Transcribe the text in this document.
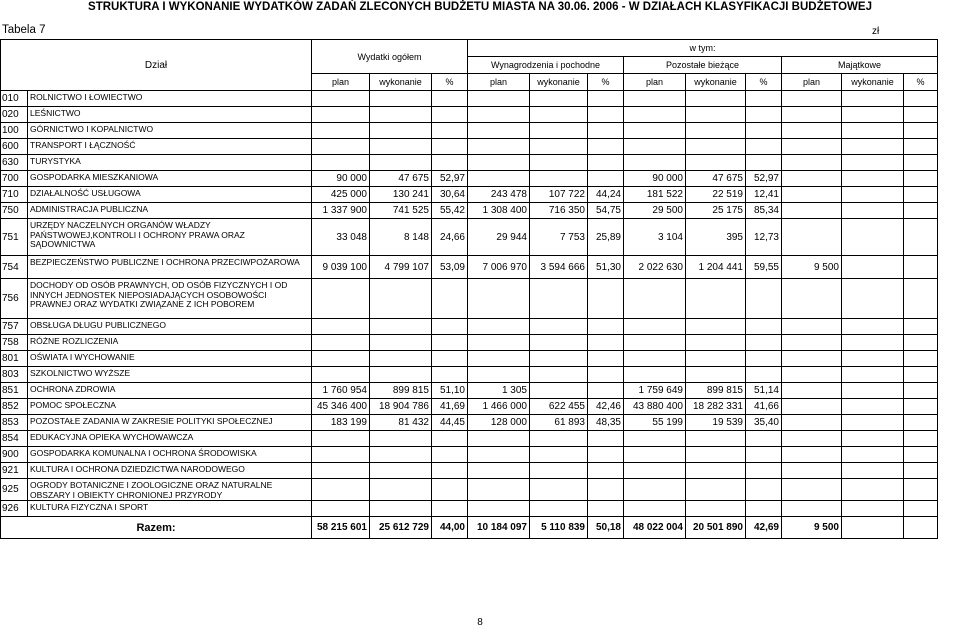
STRUKTURA I WYKONANIE WYDATKÓW ZADAŃ ZLECONYCH BUDŻETU MIASTA NA 30.06. 2006 - W DZIAŁACH KLASYFIKACJI BUDŻETOWEJ
Tabela 7	zł
Dział		Wydatki ogółem			w tym:								
					Wynagrodzenia i pochodne			Pozostałe bieżące			Majątkowe		
		plan	wykonanie	%	plan	wykonanie	%	plan	wykonanie	%	plan	wykonanie	%
010	ROLNICTWO I ŁOWIECTWO												
020	LEŚNICTWO												
100	GÓRNICTWO I KOPALNICTWO												
600	TRANSPORT I ŁĄCZNOŚĆ												
630	TURYSTYKA												
700	GOSPODARKA MIESZKANIOWA	90 000	47 675	52,97				90 000	47 675	52,97			
710	DZIAŁALNOŚĆ USŁUGOWA	425 000	130 241	30,64	243 478	107 722	44,24	181 522	22 519	12,41			
750	ADMINISTRACJA PUBLICZNA	1 337 900	741 525	55,42	1 308 400	716 350	54,75	29 500	25 175	85,34			
751	URZĘDY NACZELNYCH ORGANÓW WŁADZY PAŃSTWOWEJ,KONTROLI I OCHRONY PRAWA ORAZ SĄDOWNICTWA	33 048	8 148	24,66	29 944	7 753	25,89	3 104	395	12,73			
754	BEZPIECZEŃSTWO PUBLICZNE I OCHRONA PRZECIWPOŻAROWA	9 039 100	4 799 107	53,09	7 006 970	3 594 666	51,30	2 022 630	1 204 441	59,55	9 500		
756	DOCHODY OD OSÓB PRAWNYCH, OD OSÓB FIZYCZNYCH I OD INNYCH JEDNOSTEK NIEPOSIADAJĄCYCH OSOBOWOŚCI PRAWNEJ ORAZ WYDATKI ZWIĄZANE Z ICH POBOREM												
757	OBSŁUGA DŁUGU PUBLICZNEGO												
758	RÓŻNE ROZLICZENIA												
801	OŚWIATA I WYCHOWANIE												
803	SZKOLNICTWO WYŻSZE												
851	OCHRONA ZDROWIA	1 760 954	899 815	51,10	1 305			1 759 649	899 815	51,14			
852	POMOC SPOŁECZNA	45 346 400	18 904 786	41,69	1 466 000	622 455	42,46	43 880 400	18 282 331	41,66			
853	POZOSTAŁE ZADANIA W ZAKRESIE POLITYKI SPOŁECZNEJ	183 199	81 432	44,45	128 000	61 893	48,35	55 199	19 539	35,40			
854	EDUKACYJNA OPIEKA WYCHOWAWCZA												
900	GOSPODARKA KOMUNALNA I OCHRONA ŚRODOWISKA												
921	KULTURA I OCHRONA DZIEDZICTWA NARODOWEGO												
925	OGRODY BOTANICZNE I ZOOLOGICZNE ORAZ NATURALNE OBSZARY I OBIEKTY CHRONIONEJ PRZYRODY												
926	KULTURA FIZYCZNA I SPORT												
Razem:		58 215 601	25 612 729	44,00	10 184 097	5 110 839	50,18	48 022 004	20 501 890	42,69	9 500		
8
